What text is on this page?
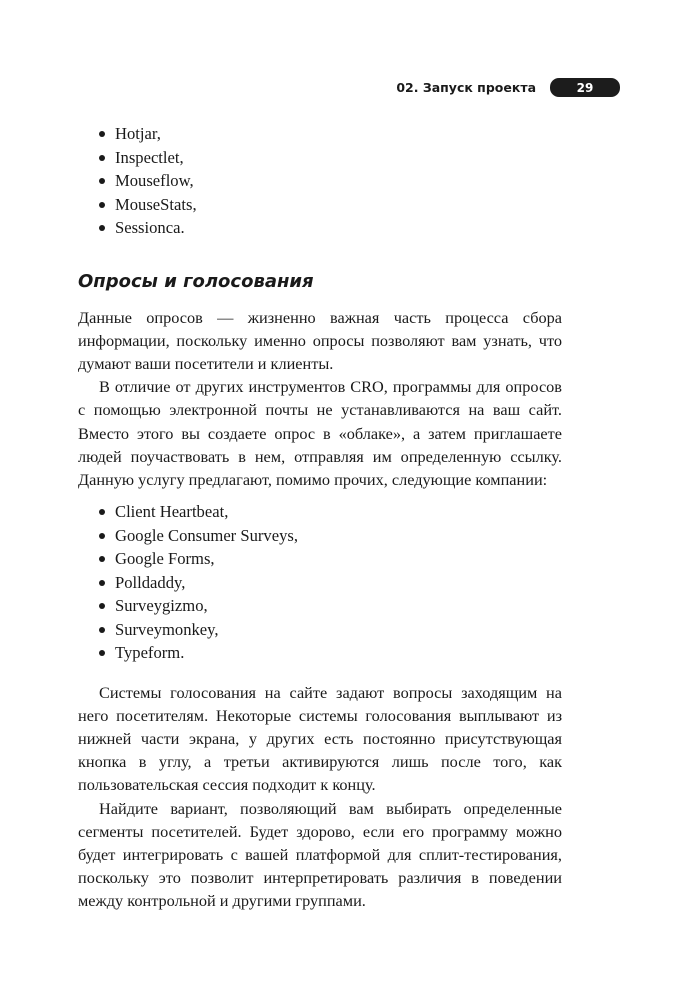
02. Запуск проекта	29
Hotjar,
Inspectlet,
Mouseflow,
MouseStats,
Sessionca.
Опросы и голосования

Данные опросов — жизненно важная часть процесса сбора информации, поскольку именно опросы позволяют вам узнать, что думают ваши посетители и клиенты.

В отличие от других инструментов CRO, программы для опросов с помощью электронной почты не устанавливаются на ваш сайт. Вместо этого вы создаете опрос в «облаке», а затем приглашаете людей поучаствовать в нем, отправляя им определенную ссылку. Данную услугу предлагают, помимо прочих, следующие компании:

Client Heartbeat,
Google Consumer Surveys,
Google Forms,
Polldaddy,
Surveygizmo,
Surveymonkey,
Typeform.

Системы голосования на сайте задают вопросы заходящим на него посетителям. Некоторые системы голосования выплывают из нижней части экрана, у других есть постоянно присутствующая кнопка в углу, а третьи активируются лишь после того, как пользовательская сессия подходит к концу.

Найдите вариант, позволяющий вам выбирать определенные сегменты посетителей. Будет здорово, если его программу можно будет интегрировать с вашей платформой для сплит-тестирования, поскольку это позволит интерпретировать различия в поведении между контрольной и другими группами.
